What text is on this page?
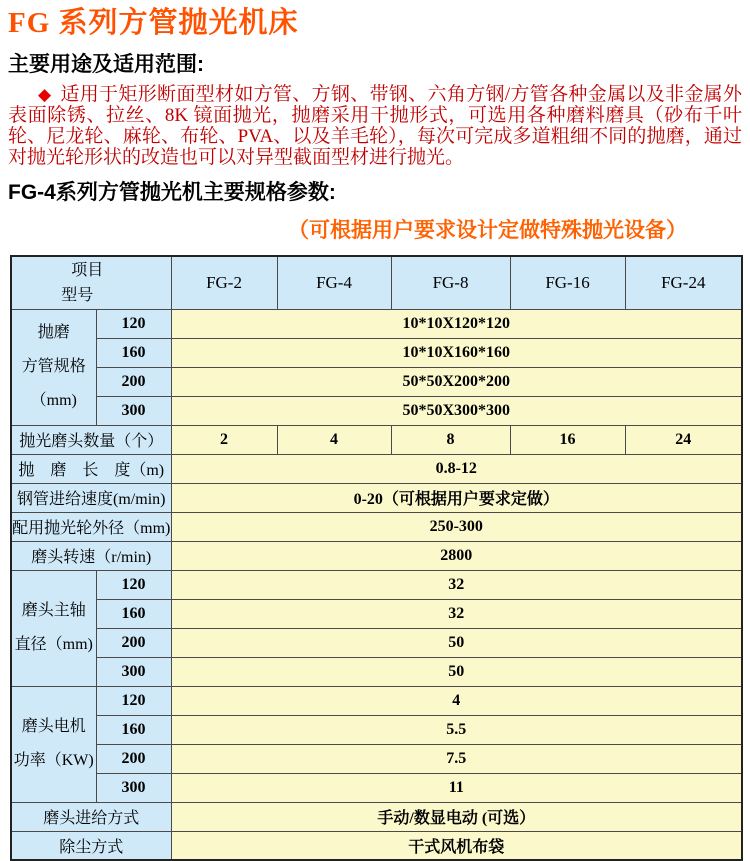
FG 系列方管抛光机床
主要用途及适用范围:

◆ 适用于矩形断面型材如方管、方钢、带钢、六角方钢/方管各种金属以及非金属外表面除锈、拉丝、8K 镜面抛光，抛磨采用干抛形式，可选用各种磨料磨具（砂布千叶轮、尼龙轮、麻轮、布轮、PVA、以及羊毛轮），每次可完成多道粗细不同的抛磨，通过对抛光轮形状的改造也可以对异型截面型材进行抛光。

FG-4系列方管抛光机主要规格参数:
（可根据用户要求设计定做特殊抛光设备）
项目
型号		FG-2	FG-4	FG-8	FG-16	FG-24

抛磨
方管规格
（mm)	120	10*10X120*120				
	160	10*10X160*160				
	200	50*50X200*200				
	300	50*50X300*300				
抛光磨头数量（个）		2	4	8	16	24
抛　磨　长　度（m)		0.8-12				
钢管进给速度(m/min)		0-20（可根据用户要求定做）				
配用抛光轮外径（mm)		250-300				
磨头转速（r/min)		2800				

磨头主轴
直径（mm)	120	32				
	160	32				
	200	50				
	300	50				

磨头电机
功率（KW)	120	4				
	160	5.5				
	200	7.5				
	300	11				
磨头进给方式		手动/数显电动 (可选）				
除尘方式		干式风机布袋				
